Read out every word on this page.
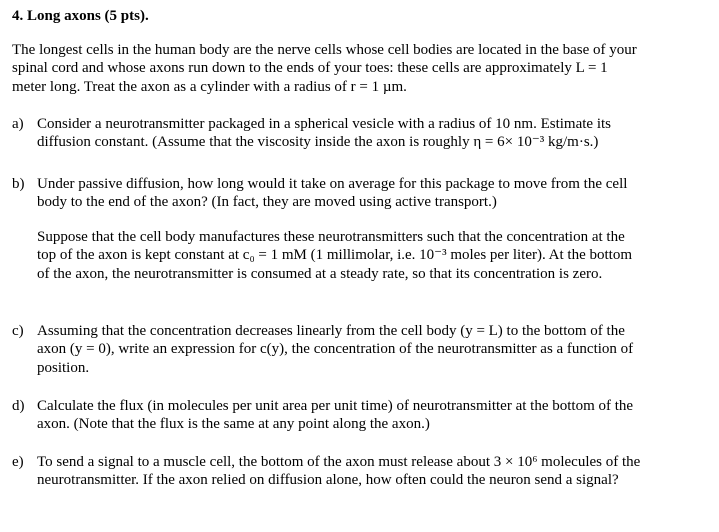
4. Long axons (5 pts).

The longest cells in the human body are the nerve cells whose cell bodies are located in the base of your

spinal cord and whose axons run down to the ends of your toes: these cells are approximately L = 1

meter long. Treat the axon as a cylinder with a radius of r = 1 µm.

a) Consider a neurotransmitter packaged in a spherical vesicle with a radius of 10 nm. Estimate its

diffusion constant. (Assume that the viscosity inside the axon is roughly η = 6× 10⁻³ kg/m·s.)

b) Under passive diffusion, how long would it take on average for this package to move from the cell

body to the end of the axon? (In fact, they are moved using active transport.)

Suppose that the cell body manufactures these neurotransmitters such that the concentration at the

top of the axon is kept constant at c₀ = 1 mM (1 millimolar, i.e. 10⁻³ moles per liter). At the bottom

of the axon, the neurotransmitter is consumed at a steady rate, so that its concentration is zero.

c) Assuming that the concentration decreases linearly from the cell body (y = L) to the bottom of the

axon (y = 0), write an expression for c(y), the concentration of the neurotransmitter as a function of

position.

d) Calculate the flux (in molecules per unit area per unit time) of neurotransmitter at the bottom of the

axon. (Note that the flux is the same at any point along the axon.)

e) To send a signal to a muscle cell, the bottom of the axon must release about 3 × 10⁶ molecules of the

neurotransmitter. If the axon relied on diffusion alone, how often could the neuron send a signal?
